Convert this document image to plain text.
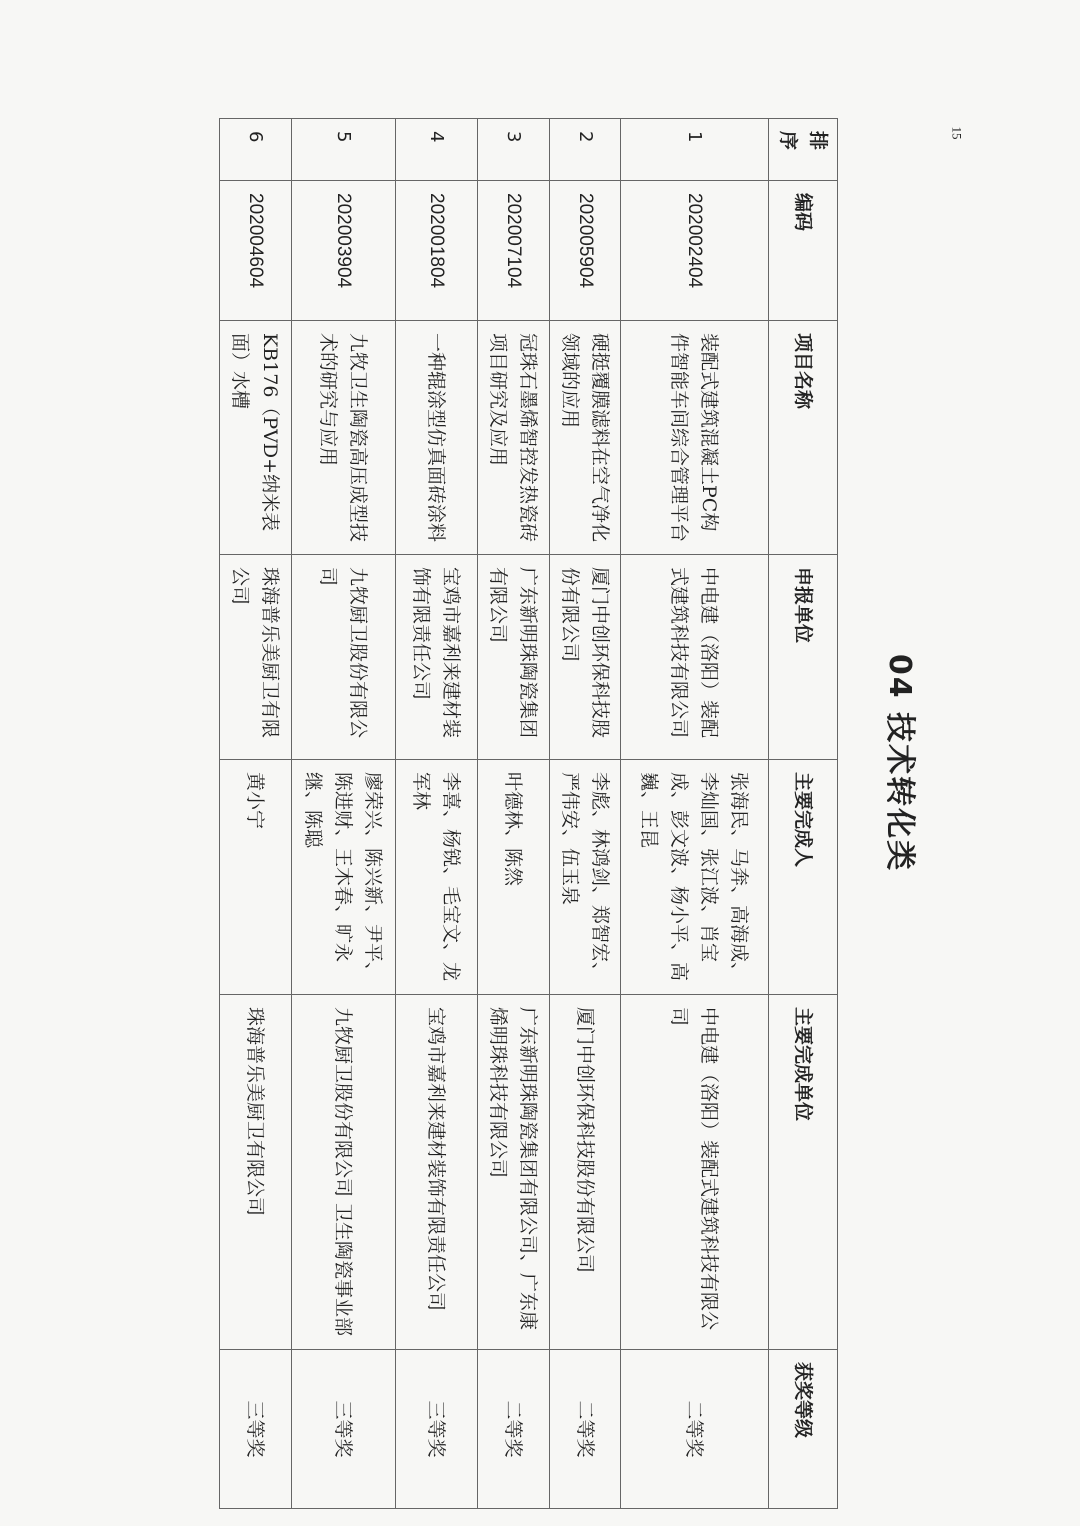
15
04 技术转化类
排序	编码	项目名称	申报单位	主要完成人	主要完成单位	获奖等级
1	202002404	装配式建筑混凝土PC构件智能车间综合管理平台	中电建（洛阳）装配式建筑科技有限公司	张海民、马奔、高海成、李灿国、张江波、肖宝成、彭文波、杨小平、高巍、王昆	中电建（洛阳）装配式建筑科技有限公司	二等奖
2	202005904	硬挺覆膜滤料在空气净化领域的应用	厦门中创环保科技股份有限公司	李彪、林鸿剑、郑智宏、严伟安、伍玉泉	厦门中创环保科技股份有限公司	二等奖
3	202007104	冠珠石墨烯智控发热瓷砖项目研究及应用	广东新明珠陶瓷集团有限公司	叶德林、陈然	广东新明珠陶瓷集团有限公司、广东康烯明珠科技有限公司	二等奖
4	202001804	一种辊涂型仿真面砖涂料	宝鸡市嘉利来建材装饰有限责任公司	李喜、杨锐、毛宝文、龙军林	宝鸡市嘉利来建材装饰有限责任公司	三等奖
5	202003904	九牧卫生陶瓷高压成型技术的研究与应用	九牧厨卫股份有限公司	廖荣兴、陈兴新、尹平、陈进财、王木春、旷永继、陈聪	九牧厨卫股份有限公司 卫生陶瓷事业部	三等奖
6	202004604	KB176（PVD+纳米表面）水槽	珠海普乐美厨卫有限公司	黄小宁	珠海普乐美厨卫有限公司	三等奖
